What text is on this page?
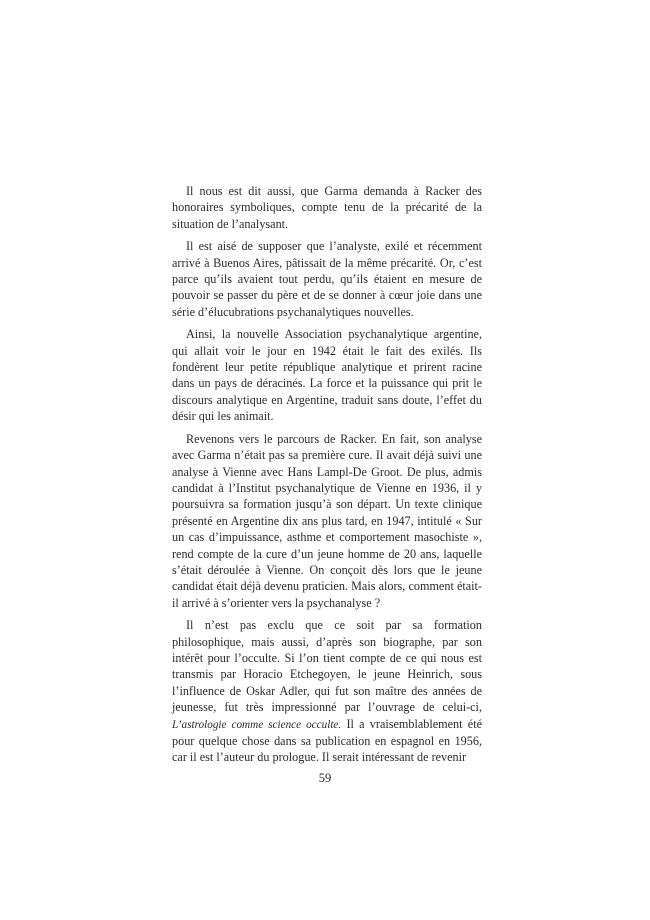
Il nous est dit aussi, que Garma demanda à Racker des honoraires symboliques, compte tenu de la précarité de la situation de l’analysant.

Il est aisé de supposer que l’analyste, exilé et récemment arrivé à Buenos Aires, pâtissait de la même précarité. Or, c’est parce qu’ils avaient tout perdu, qu’ils étaient en mesure de pouvoir se passer du père et de se donner à cœur joie dans une série d’élucubrations psychanalytiques nouvelles.

Ainsi, la nouvelle Association psychanalytique argentine, qui allait voir le jour en 1942 était le fait des exilés. Ils fondèrent leur petite république analytique et prirent racine dans un pays de déracinés. La force et la puissance qui prit le discours analytique en Argentine, traduit sans doute, l’effet du désir qui les animait.

Revenons vers le parcours de Racker. En fait, son analyse avec Garma n’était pas sa première cure. Il avait déjà suivi une analyse à Vienne avec Hans Lampl-De Groot. De plus, admis candidat à l’Institut psychanalytique de Vienne en 1936, il y poursuivra sa formation jusqu’à son départ. Un texte clinique présenté en Argentine dix ans plus tard, en 1947, intitulé « Sur un cas d’impuissance, asthme et comportement masochiste », rend compte de la cure d’un jeune homme de 20 ans, laquelle s’était déroulée à Vienne. On conçoit dès lors que le jeune candidat était déjà devenu praticien. Mais alors, comment était-il arrivé à s’orienter vers la psychanalyse ?

Il n’est pas exclu que ce soit par sa formation philosophique, mais aussi, d’après son biographe, par son intérêt pour l’occulte. Si l’on tient compte de ce qui nous est transmis par Horacio Etchegoyen, le jeune Heinrich, sous l’influence de Oskar Adler, qui fut son maître des années de jeunesse, fut très impressionné par l’ouvrage de celui-ci, L’astrologie comme science occulte. Il a vraisemblablement été pour quelque chose dans sa publication en espagnol en 1956, car il est l’auteur du prologue. Il serait intéressant de revenir

59
